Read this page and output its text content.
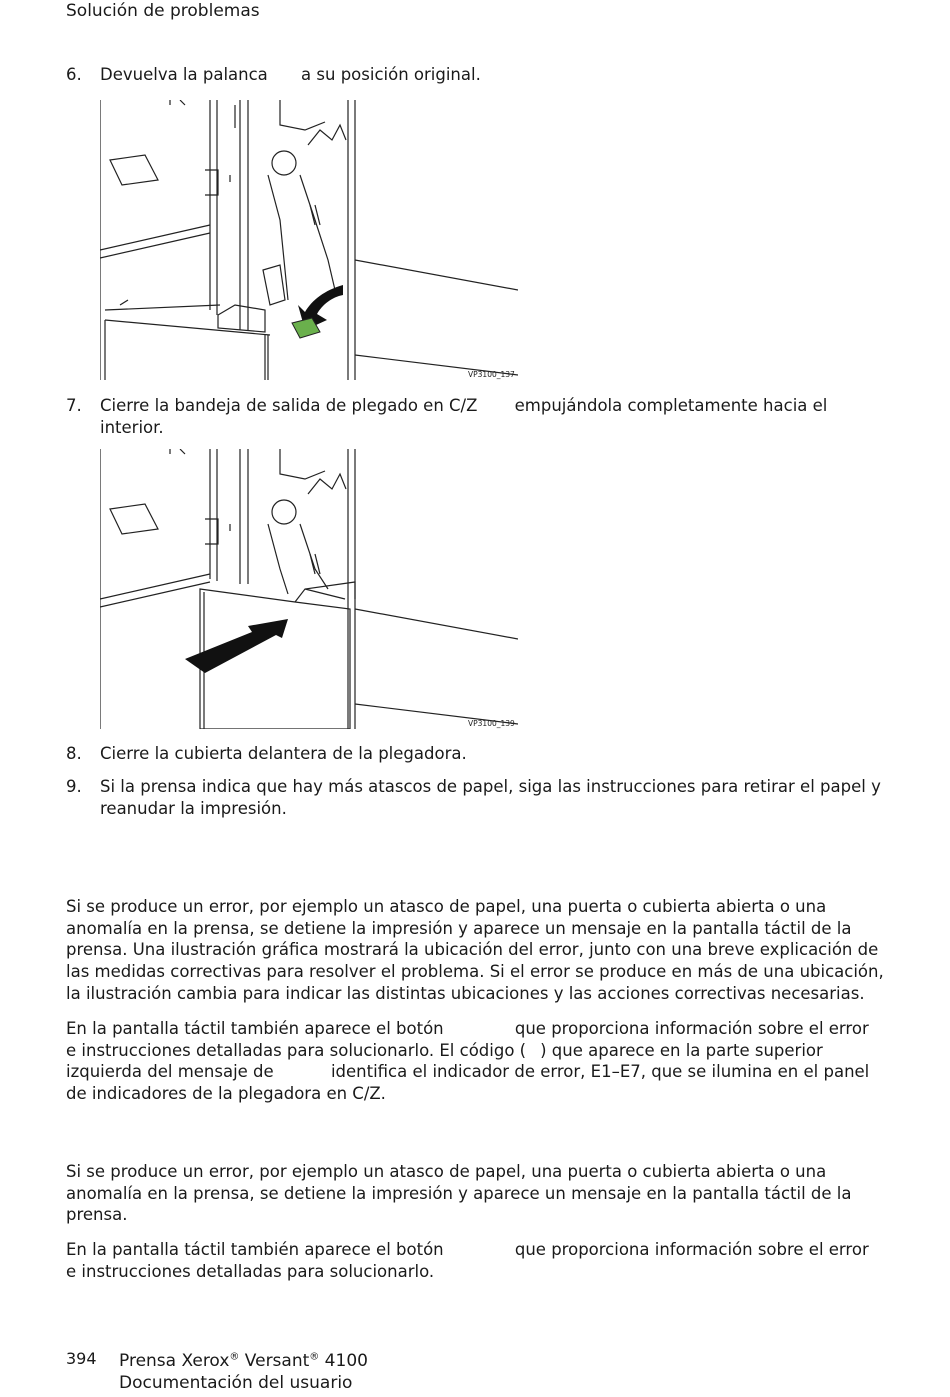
Solución de problemas
6. Devuelva la palanca a su posición original.
VP3100_137
7. Cierre la bandeja de salida de plegado en C/Z empujándola completamente hacia el
interior.
VP3100_139
8. Cierre la cubierta delantera de la plegadora.
9. Si la prensa indica que hay más atascos de papel, siga las instrucciones para retirar el papel y
reanudar la impresión.
Si se produce un error, por ejemplo un atasco de papel, una puerta o cubierta abierta o una
anomalía en la prensa, se detiene la impresión y aparece un mensaje en la pantalla táctil de la
prensa. Una ilustración gráfica mostrará la ubicación del error, junto con una breve explicación de
las medidas correctivas para resolver el problema. Si el error se produce en más de una ubicación,
la ilustración cambia para indicar las distintas ubicaciones y las acciones correctivas necesarias.
En la pantalla táctil también aparece el botón	que proporciona información sobre el error
e instrucciones detalladas para solucionarlo. El código ( ) que aparece en la parte superior
izquierda del mensaje de	identifica el indicador de error, E1–E7, que se ilumina en el panel
de indicadores de la plegadora en C/Z.
Si se produce un error, por ejemplo un atasco de papel, una puerta o cubierta abierta o una
anomalía en la prensa, se detiene la impresión y aparece un mensaje en la pantalla táctil de la
prensa.
En la pantalla táctil también aparece el botón	que proporciona información sobre el error
e instrucciones detalladas para solucionarlo.
394 Prensa Xerox® Versant® 4100
Documentación del usuario
